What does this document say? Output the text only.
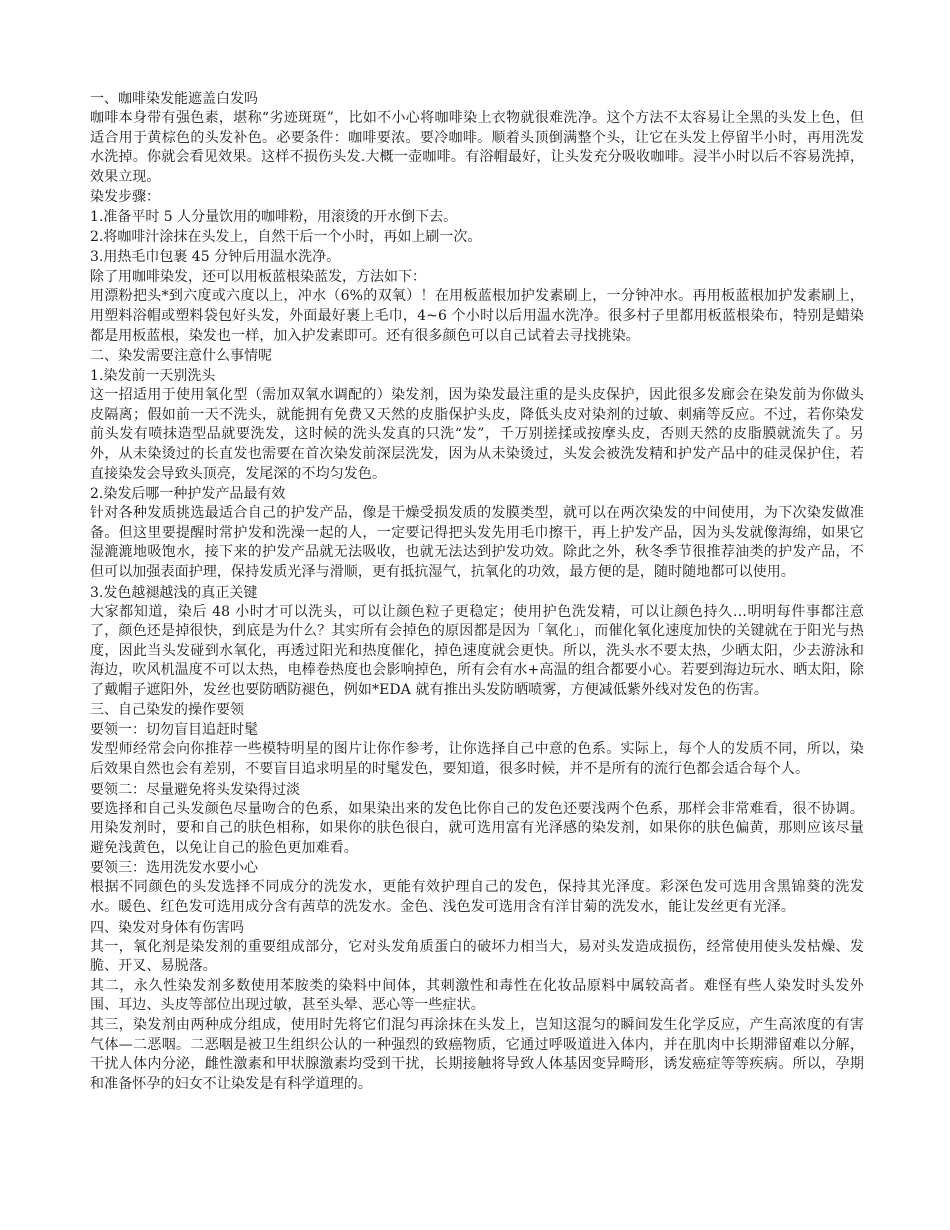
一、咖啡染发能遮盖白发吗

咖啡本身带有强色素，堪称“劣迹斑斑”，比如不小心将咖啡染上衣物就很难洗净。这个方法不太容易让全黑的头发上色，但适合用于黄棕色的头发补色。必要条件：咖啡要浓。要冷咖啡。顺着头顶倒满整个头，让它在头发上停留半小时，再用洗发水洗掉。你就会看见效果。这样不损伤头发.大概一壶咖啡。有浴帽最好，让头发充分吸收咖啡。浸半小时以后不容易洗掉，效果立现。

染发步骤：

1.准备平时 5 人分量饮用的咖啡粉，用滚烫的开水倒下去。

2.将咖啡汁涂抹在头发上，自然干后一个小时，再如上刷一次。

3.用热毛巾包裹 45 分钟后用温水洗净。

除了用咖啡染发，还可以用板蓝根染蓝发，方法如下：

用漂粉把头*到六度或六度以上，冲水（6%的双氧）！在用板蓝根加护发素刷上，一分钟冲水。再用板蓝根加护发素刷上，用塑料浴帽或塑料袋包好头发，外面最好裹上毛巾，4~6 个小时以后用温水洗净。很多村子里都用板蓝根染布，特别是蜡染都是用板蓝根，染发也一样，加入护发素即可。还有很多颜色可以自己试着去寻找挑染。

二、染发需要注意什么事情呢

1.染发前一天别洗头

这一招适用于使用氧化型（需加双氧水调配的）染发剂，因为染发最注重的是头皮保护，因此很多发廊会在染发前为你做头皮隔离；假如前一天不洗头，就能拥有免费又天然的皮脂保护头皮，降低头皮对染剂的过敏、刺痛等反应。不过，若你染发前头发有喷抹造型品就要洗发，这时候的洗头发真的只洗“发”，千万别搓揉或按摩头皮，否则天然的皮脂膜就流失了。另外，从未染烫过的长直发也需要在首次染发前深层洗发，因为从未染烫过，头发会被洗发精和护发产品中的硅灵保护住，若直接染发会导致头顶亮，发尾深的不均匀发色。

2.染发后哪一种护发产品最有效

针对各种发质挑选最适合自己的护发产品，像是干燥受损发质的发膜类型，就可以在两次染发的中间使用，为下次染发做准备。但这里要提醒时常护发和洗澡一起的人，一定要记得把头发先用毛巾擦干，再上护发产品，因为头发就像海绵，如果它湿漉漉地吸饱水，接下来的护发产品就无法吸收，也就无法达到护发功效。除此之外，秋冬季节很推荐油类的护发产品，不但可以加强表面护理，保持发质光泽与滑顺，更有抵抗湿气，抗氧化的功效，最方便的是，随时随地都可以使用。

3.发色越褪越浅的真正关键

大家都知道，染后 48 小时才可以洗头，可以让颜色粒子更稳定；使用护色洗发精，可以让颜色持久…明明每件事都注意了，颜色还是掉很快，到底是为什么？其实所有会掉色的原因都是因为「氧化」，而催化氧化速度加快的关键就在于阳光与热度，因此当头发碰到水氧化，再透过阳光和热度催化，掉色速度就会更快。所以，洗头水不要太热，少晒太阳，少去游泳和海边，吹风机温度不可以太热，电棒卷热度也会影响掉色，所有会有水+高温的组合都要小心。若要到海边玩水、晒太阳，除了戴帽子遮阳外，发丝也要防晒防褪色，例如*EDA 就有推出头发防晒喷雾，方便减低紫外线对发色的伤害。

三、自己染发的操作要领

要领一：切勿盲目追赶时髦

发型师经常会向你推荐一些模特明星的图片让你作参考，让你选择自己中意的色系。实际上，每个人的发质不同，所以，染后效果自然也会有差别，不要盲目追求明星的时髦发色，要知道，很多时候，并不是所有的流行色都会适合每个人。

要领二：尽量避免将头发染得过淡

要选择和自己头发颜色尽量吻合的色系，如果染出来的发色比你自己的发色还要浅两个色系，那样会非常难看，很不协调。用染发剂时，要和自己的肤色相称，如果你的肤色很白，就可选用富有光泽感的染发剂，如果你的肤色偏黄，那则应该尽量避免浅黄色，以免让自己的脸色更加难看。

要领三：选用洗发水要小心

根据不同颜色的头发选择不同成分的洗发水，更能有效护理自己的发色，保持其光泽度。彩深色发可选用含黑锦葵的洗发水。暖色、红色发可选用成分含有茜草的洗发水。金色、浅色发可选用含有洋甘菊的洗发水，能让发丝更有光泽。

四、染发对身体有伤害吗

其一，氧化剂是染发剂的重要组成部分，它对头发角质蛋白的破坏力相当大，易对头发造成损伤，经常使用使头发枯燥、发脆、开叉、易脱落。

其二，永久性染发剂多数使用苯胺类的染料中间体，其刺激性和毒性在化妆品原料中属较高者。难怪有些人染发时头发外围、耳边、头皮等部位出现过敏，甚至头晕、恶心等一些症状。

其三，染发剂由两种成分组成，使用时先将它们混匀再涂抹在头发上，岂知这混匀的瞬间发生化学反应，产生高浓度的有害气体—二恶咽。二恶咽是被卫生组织公认的一种强烈的致癌物质，它通过呼吸道进入体内，并在肌肉中长期滞留难以分解，干扰人体内分泌，雌性激素和甲状腺激素均受到干扰，长期接触将导致人体基因变异畸形，诱发癌症等等疾病。所以，孕期和准备怀孕的妇女不让染发是有科学道理的。
